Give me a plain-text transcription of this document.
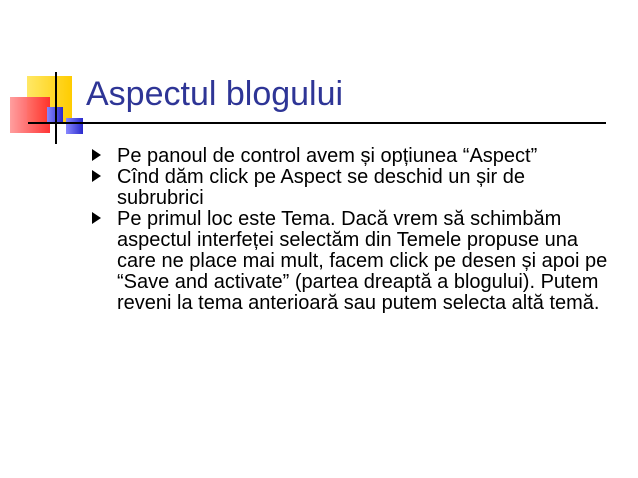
Aspectul blogului
Pe panoul de control avem și opțiunea “Aspect”
Cînd dăm click pe Aspect se deschid un șir de subrubrici
Pe primul loc este Tema. Dacă vrem să schimbăm aspectul interfeței selectăm din Temele propuse una care ne place mai mult, facem click pe desen și apoi pe “Save and activate” (partea dreaptă a blogului). Putem reveni la tema anterioară sau putem selecta altă temă.
